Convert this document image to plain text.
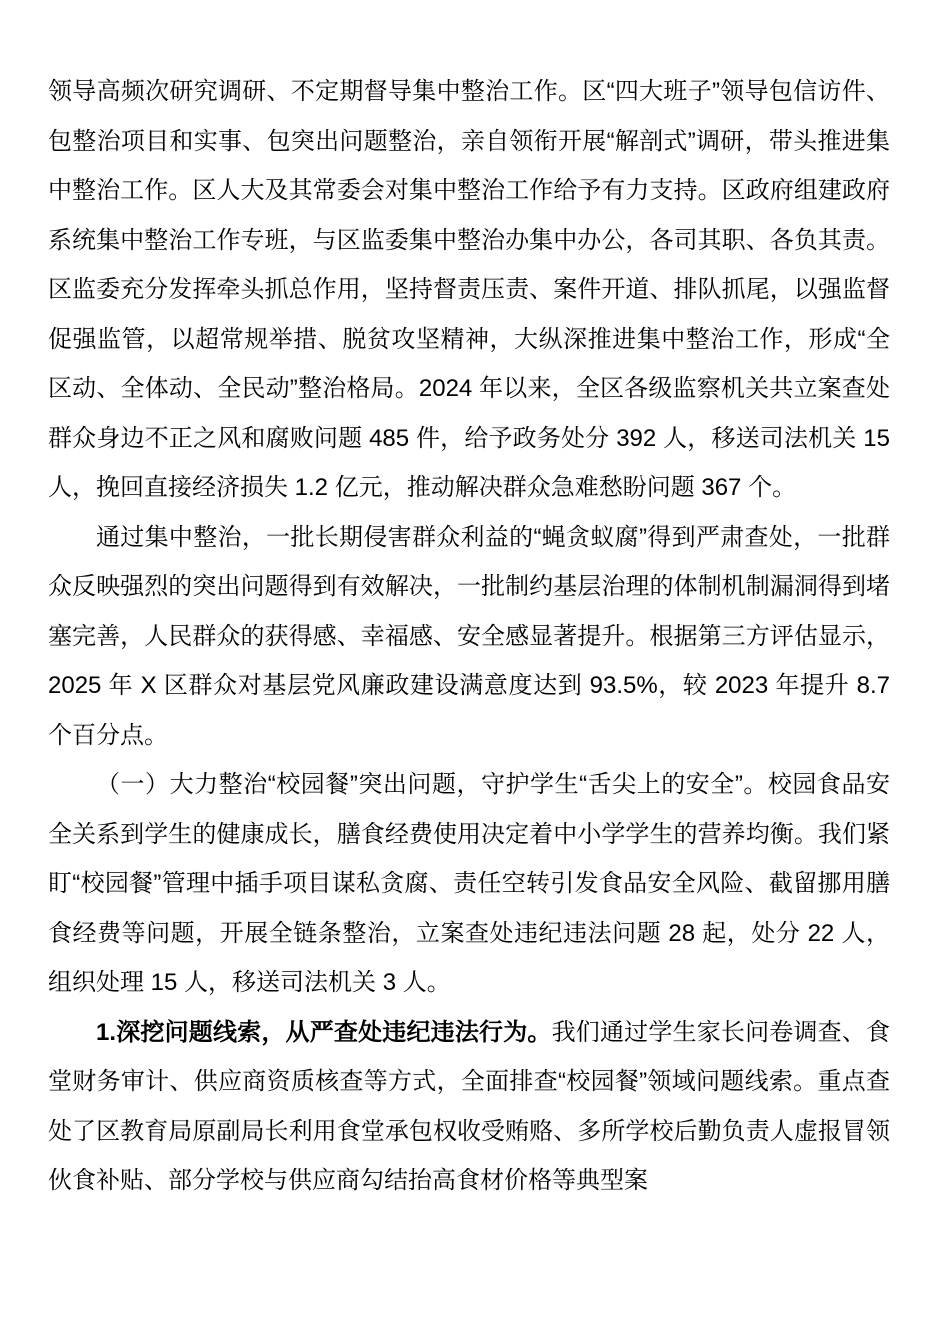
领导高频次研究调研、不定期督导集中整治工作。区“四大班子”领导包信访件、包整治项目和实事、包突出问题整治，亲自领衔开展“解剖式”调研，带头推进集中整治工作。区人大及其常委会对集中整治工作给予有力支持。区政府组建政府系统集中整治工作专班，与区监委集中整治办集中办公，各司其职、各负其责。区监委充分发挥牵头抓总作用，坚持督责压责、案件开道、排队抓尾，以强监督促强监管，以超常规举措、脱贫攻坚精神，大纵深推进集中整治工作，形成“全区动、全体动、全民动”整治格局。2024 年以来，全区各级监察机关共立案查处群众身边不正之风和腐败问题 485 件，给予政务处分 392 人，移送司法机关 15 人，挽回直接经济损失 1.2 亿元，推动解决群众急难愁盼问题 367 个。

通过集中整治，一批长期侵害群众利益的“蝇贪蚁腐”得到严肃查处，一批群众反映强烈的突出问题得到有效解决，一批制约基层治理的体制机制漏洞得到堵塞完善，人民群众的获得感、幸福感、安全感显著提升。根据第三方评估显示，2025 年 X 区群众对基层党风廉政建设满意度达到 93.5%，较 2023 年提升 8.7 个百分点。

（一）大力整治“校园餐”突出问题，守护学生“舌尖上的安全”。校园食品安全关系到学生的健康成长，膳食经费使用决定着中小学学生的营养均衡。我们紧盯“校园餐”管理中插手项目谋私贪腐、责任空转引发食品安全风险、截留挪用膳食经费等问题，开展全链条整治，立案查处违纪违法问题 28 起，处分 22 人，组织处理 15 人，移送司法机关 3 人。

1.深挖问题线索，从严查处违纪违法行为。我们通过学生家长问卷调查、食堂财务审计、供应商资质核查等方式，全面排查“校园餐”领域问题线索。重点查处了区教育局原副局长利用食堂承包权收受贿赂、多所学校后勤负责人虚报冒领伙食补贴、部分学校与供应商勾结抬高食材价格等典型案
